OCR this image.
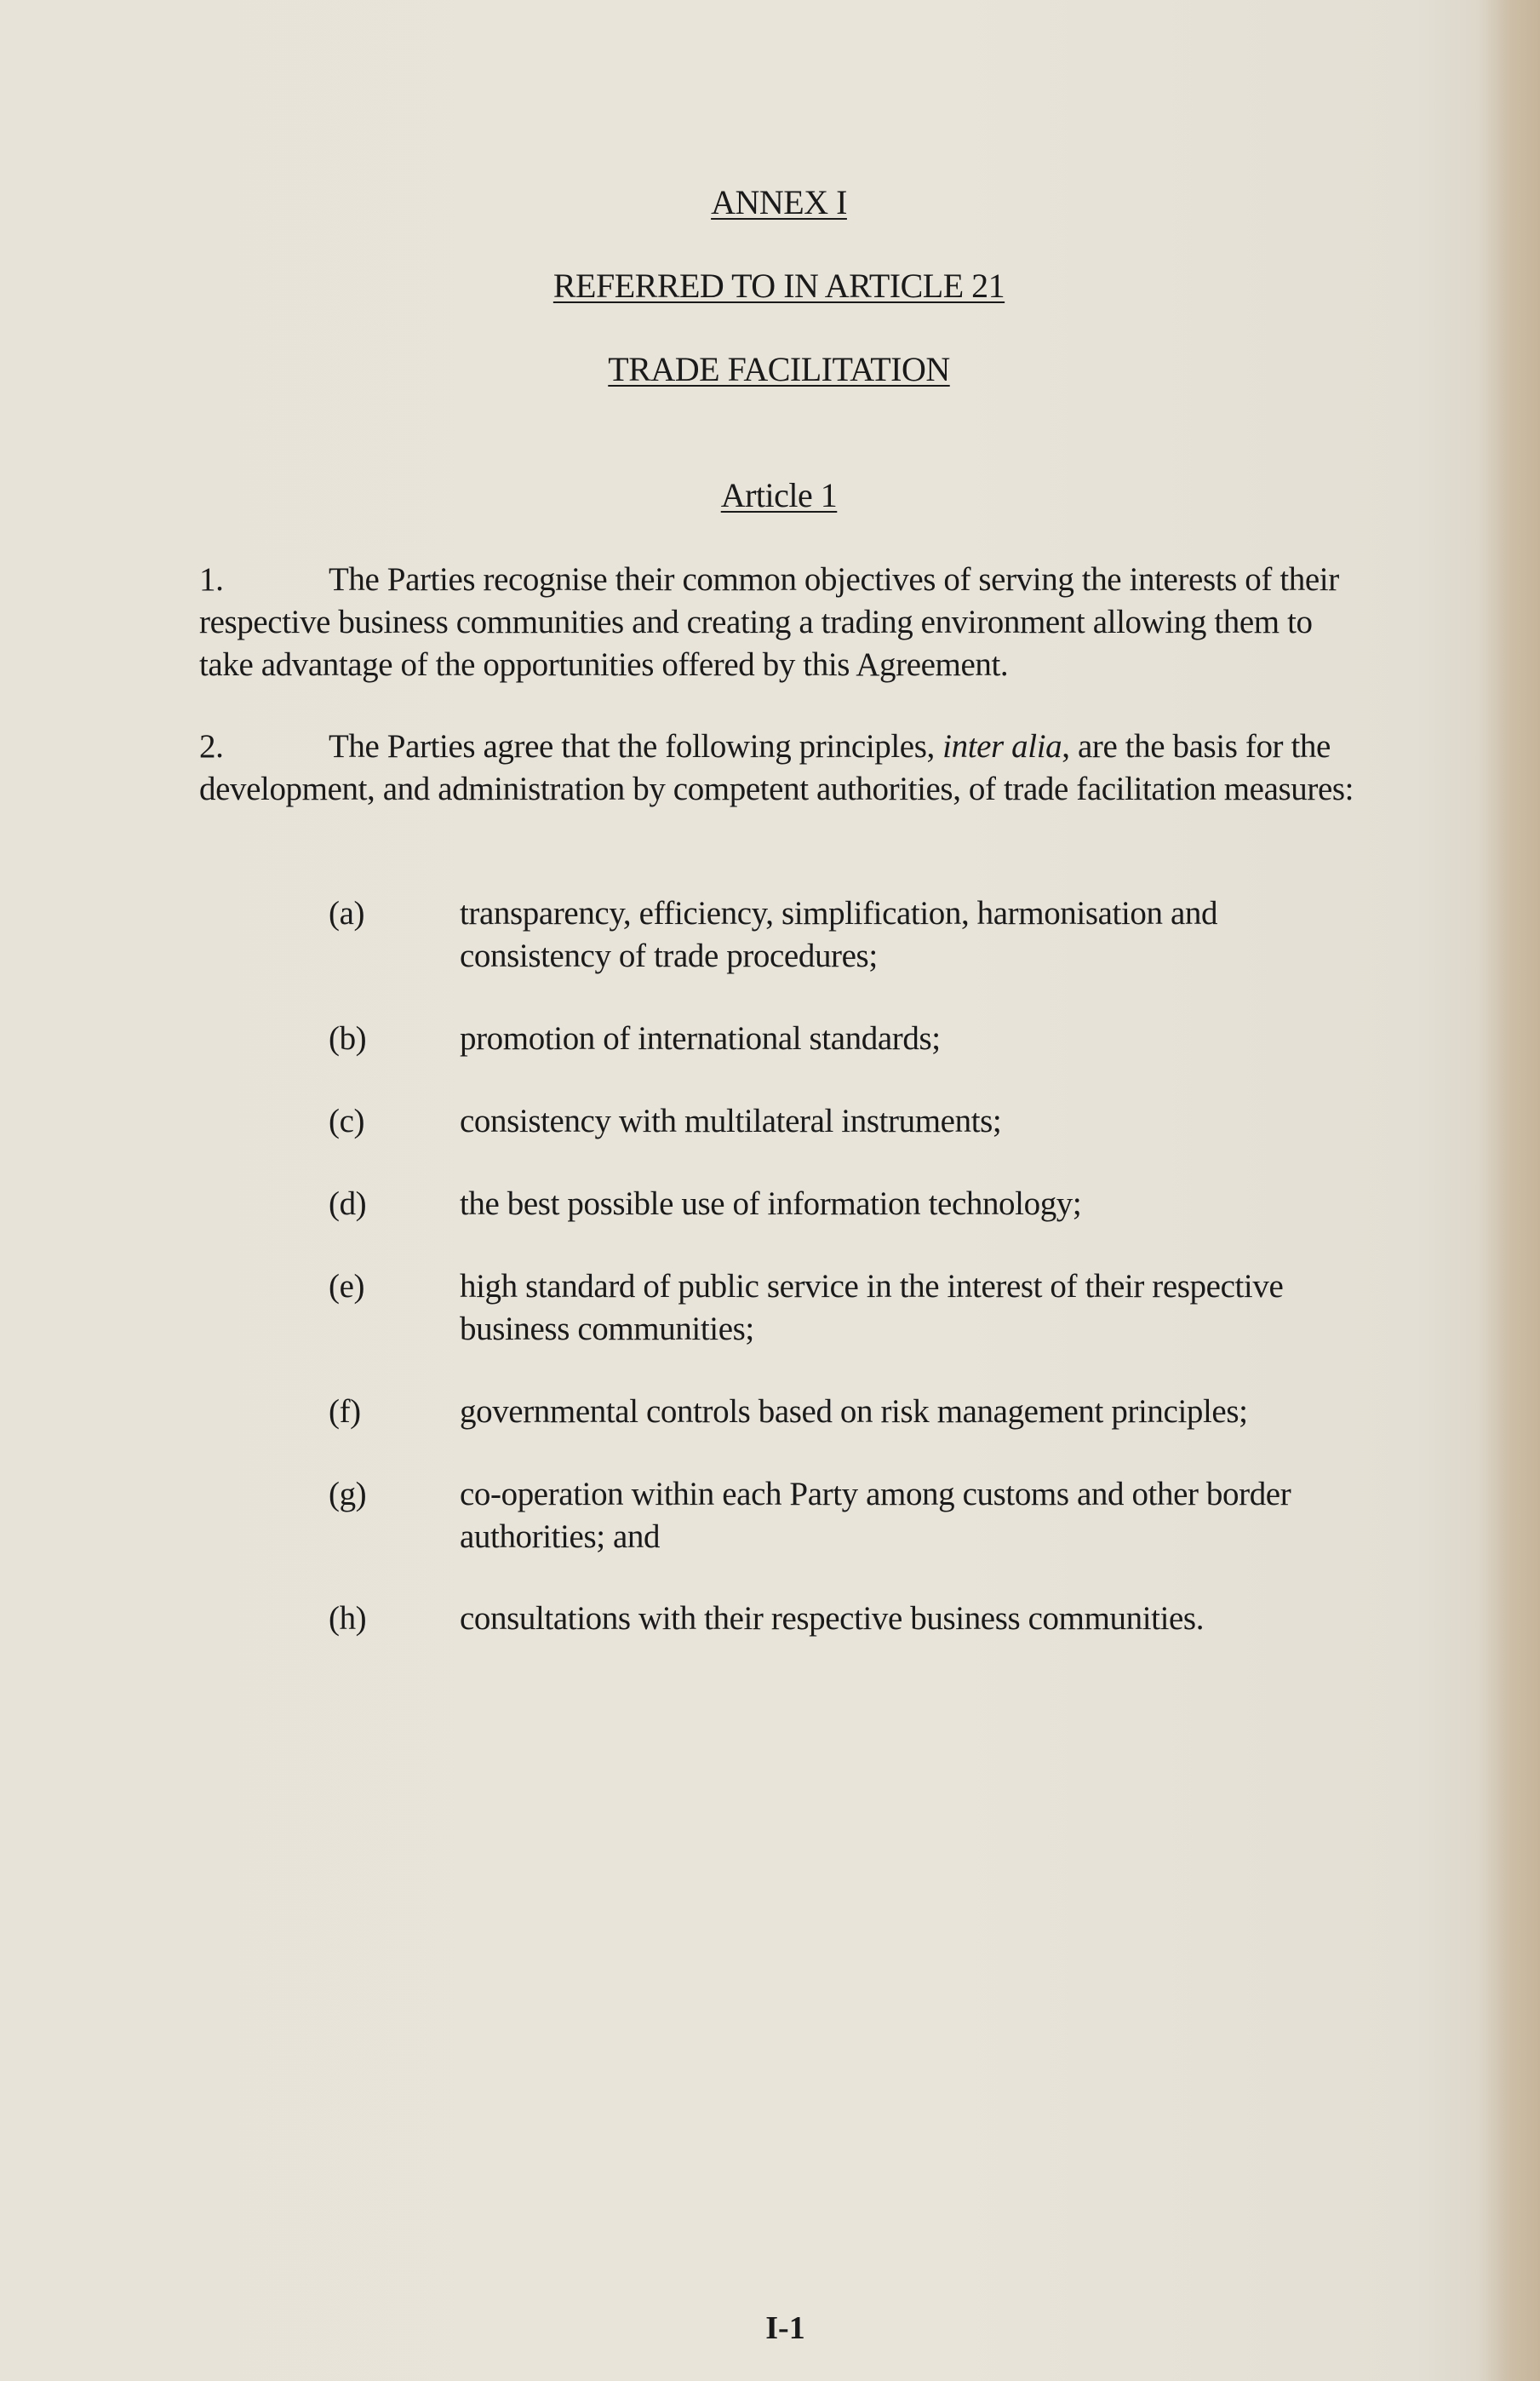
ANNEX I
REFERRED TO IN ARTICLE 21
TRADE FACILITATION
Article 1
1.	The Parties recognise their common objectives of serving the interests of their respective business communities and creating a trading environment allowing them to take advantage of the opportunities offered by this Agreement.
2.	The Parties agree that the following principles, inter alia, are the basis for the development, and administration by competent authorities, of trade facilitation measures:
(a)	transparency, efficiency, simplification, harmonisation and consistency of trade procedures;
(b)	promotion of international standards;
(c)	consistency with multilateral instruments;
(d)	the best possible use of information technology;
(e)	high standard of public service in the interest of their respective business communities;
(f)	governmental controls based on risk management principles;
(g)	co-operation within each Party among customs and other border authorities; and
(h)	consultations with their respective business communities.
I-1
